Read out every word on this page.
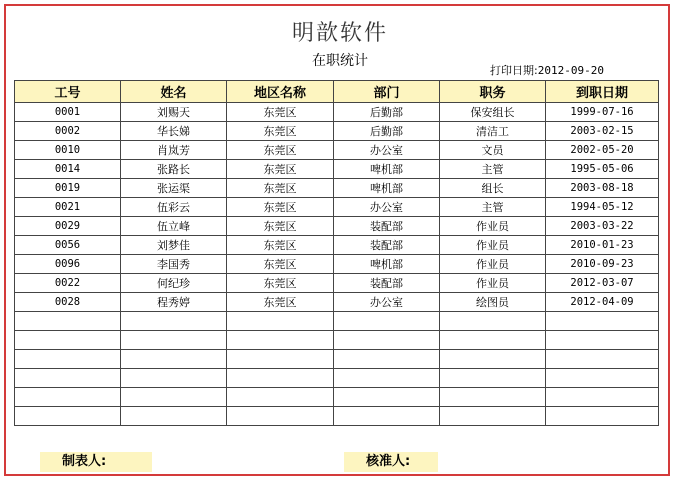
明歆软件
在职统计
打印日期:2012-09-20
工号	姓名	地区名称	部门	职务	到职日期
0001	刘赐天	东莞区	后勤部	保安组长	1999-07-16
0002	华长娣	东莞区	后勤部	清洁工	2003-02-15
0010	肖岚芳	东莞区	办公室	文员	2002-05-20
0014	张路长	东莞区	啤机部	主管	1995-05-06
0019	张运渠	东莞区	啤机部	组长	2003-08-18
0021	伍彩云	东莞区	办公室	主管	1994-05-12
0029	伍立峰	东莞区	装配部	作业员	2003-03-22
0056	刘梦佳	东莞区	装配部	作业员	2010-01-23
0096	李国秀	东莞区	啤机部	作业员	2010-09-23
0022	何纪珍	东莞区	装配部	作业员	2012-03-07
0028	程秀婷	东莞区	办公室	绘图员	2012-04-09

制表人:	核准人:
